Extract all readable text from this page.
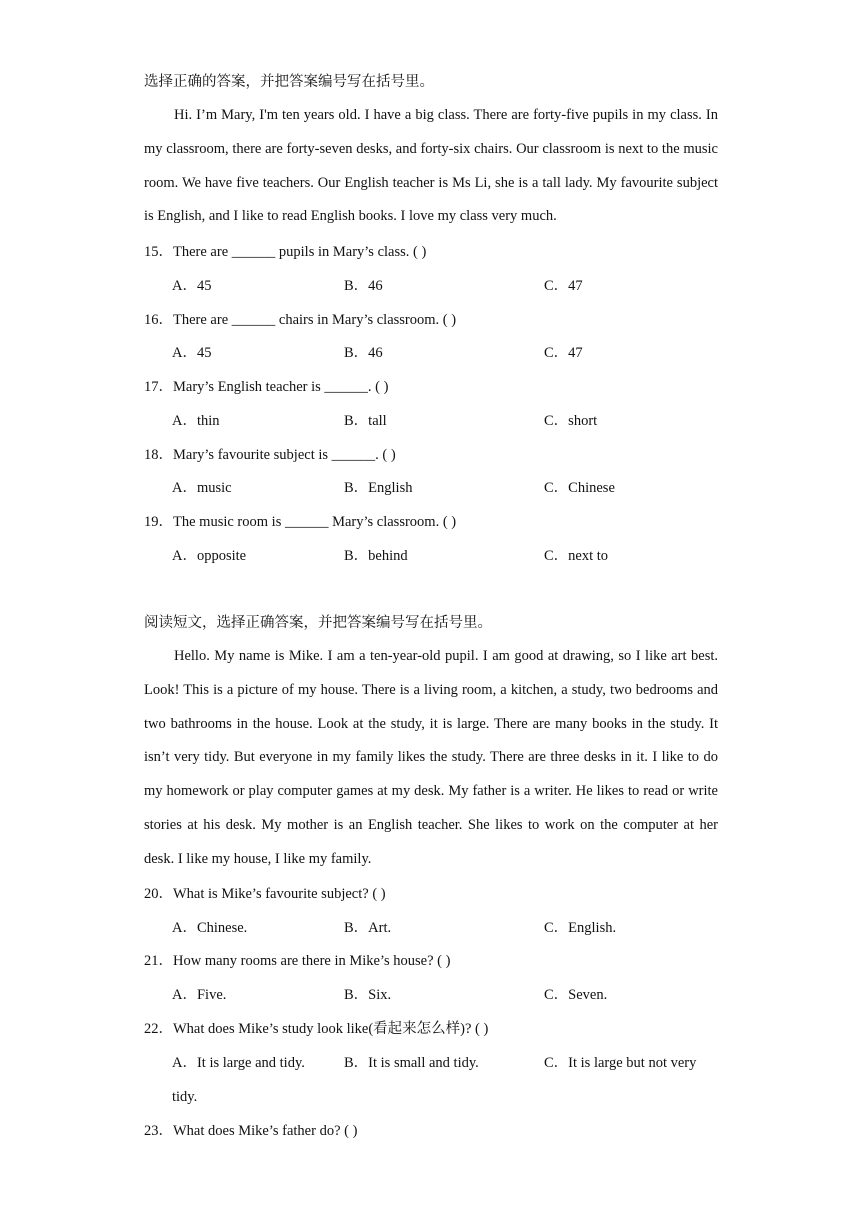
选择正确的答案，并把答案编号写在括号里。
Hi. I’m Mary, I'm ten years old. I have a big class. There are forty-five pupils in my class. In my classroom, there are forty-seven desks, and forty-six chairs. Our classroom is next to the music room. We have five teachers. Our English teacher is Ms Li, she is a tall lady. My favourite subject is English, and I like to read English books. I love my class very much.
15．There are ______ pupils in Mary’s class. ( )
A．45	B．46	C．47
16．There are ______ chairs in Mary’s classroom. ( )
A．45	B．46	C．47
17．Mary’s English teacher is ______. ( )
A．thin	B．tall	C．short
18．Mary’s favourite subject is ______. ( )
A．music	B．English	C．Chinese
19．The music room is ______ Mary’s classroom. ( )
A．opposite	B．behind	C．next to
阅读短文，选择正确答案，并把答案编号写在括号里。
Hello. My name is Mike. I am a ten-year-old pupil. I am good at drawing, so I like art best. Look! This is a picture of my house. There is a living room, a kitchen, a study, two bedrooms and two bathrooms in the house. Look at the study, it is large. There are many books in the study. It isn’t very tidy. But everyone in my family likes the study. There are three desks in it. I like to do my homework or play computer games at my desk. My father is a writer. He likes to read or write stories at his desk. My mother is an English teacher. She likes to work on the computer at her desk. I like my house, I like my family.
20．What is Mike’s favourite subject? ( )
A．Chinese.	B．Art.	C．English.
21．How many rooms are there in Mike’s house? ( )
A．Five.	B．Six.	C．Seven.
22．What does Mike’s study look like(看起来怎么样)? ( )
A．It is large and tidy.	B．It is small and tidy.	C．It is large but not very
tidy.
23．What does Mike’s father do? ( )
